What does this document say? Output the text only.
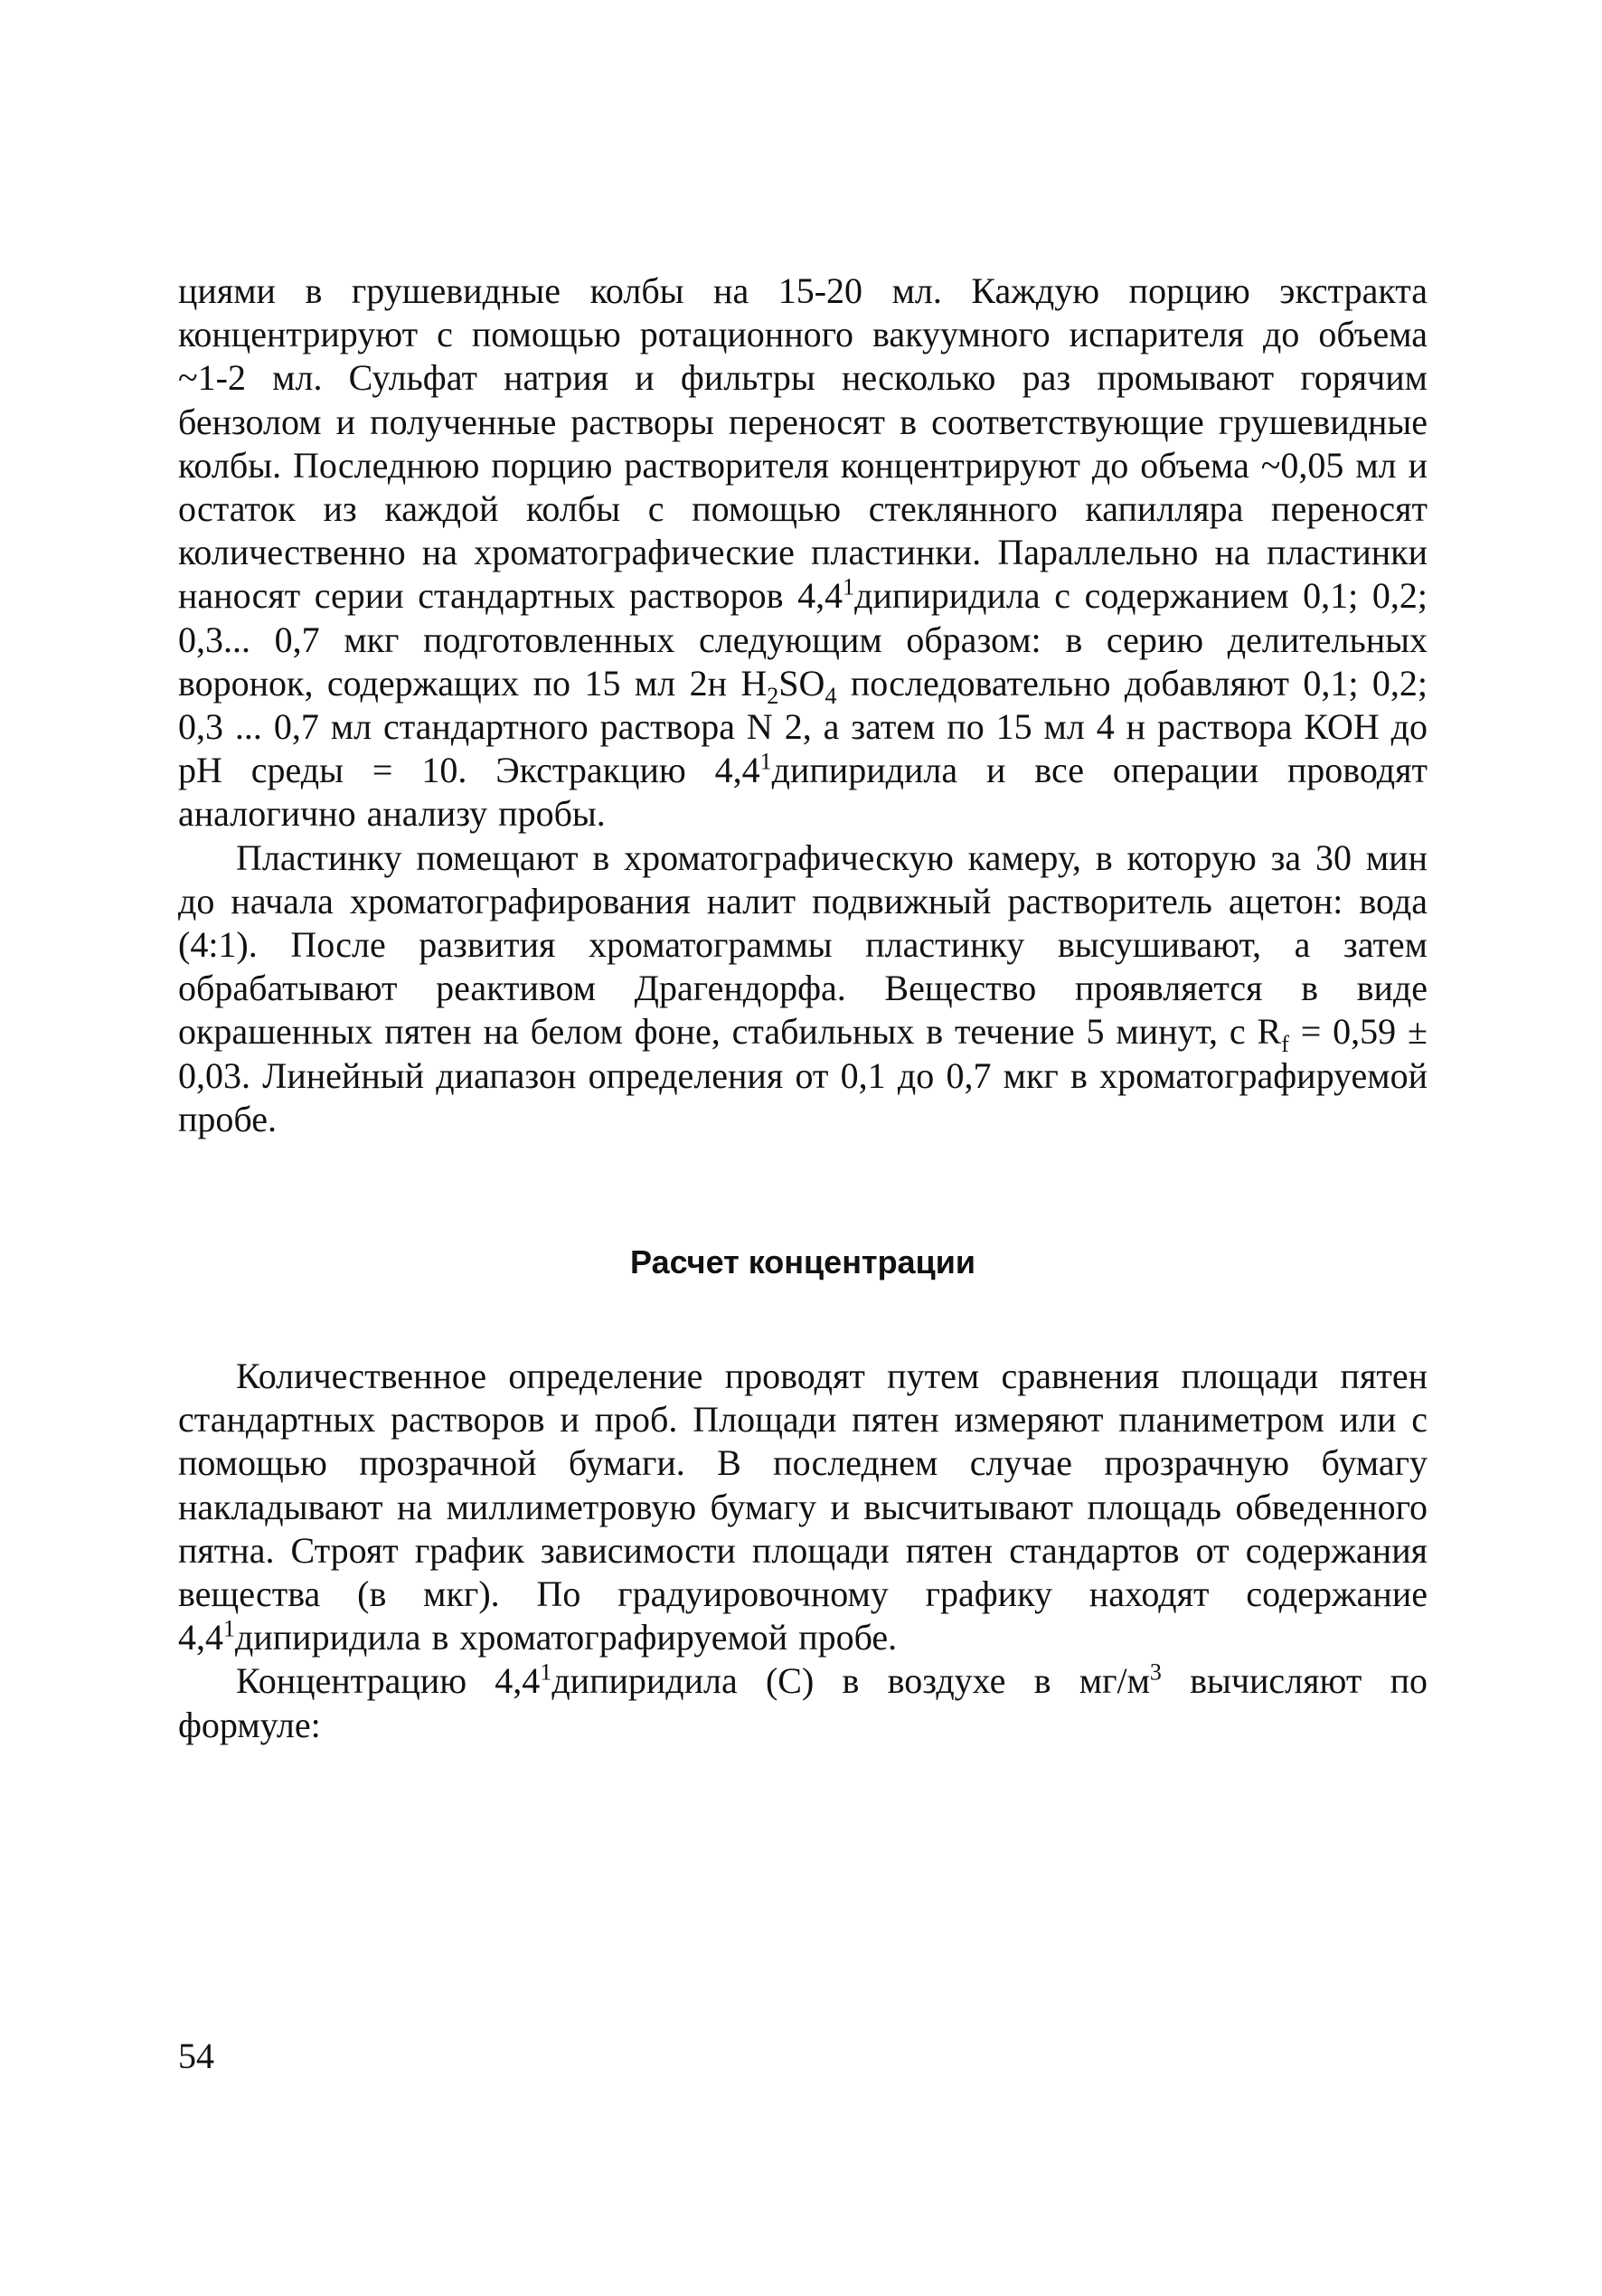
циями в грушевидные колбы на 15-20 мл. Каждую порцию экстракта концентрируют с помощью ротационного вакуумного испарителя до объема ~1-2 мл. Сульфат натрия и фильтры несколько раз промывают горячим бензолом и полученные растворы переносят в соответствующие грушевидные колбы. Последнюю порцию растворителя концентрируют до объема ~0,05 мл и остаток из каждой колбы с помощью стеклянного капилляра переносят количественно на хроматографические пластинки. Параллельно на пластинки наносят серии стандартных растворов $4,4^1дипиридила$ с содержанием 0,1; 0,2; 0,3... 0,7 мкг подготовленных следующим образом: в серию делительных воронок, содержащих по 15 мл 2н $H_2SO_4$ последовательно добавляют 0,1; 0,2; 0,3 ... 0,7 мл стандартного раствора N 2, а затем по 15 мл 4 н раствора КОН до pH среды = 10. Экстракцию $4,4^1дипиридила$ и все операции проводят аналогично анализу пробы.

Пластинку помещают в хроматографическую камеру, в которую за 30 мин до начала хроматографирования налит подвижный растворитель ацетон: вода (4:1). После развития хроматограммы пластинку высушивают, а затем обрабатывают реактивом Драгендорфа. Вещество проявляется в виде окрашенных пятен на белом фоне, стабильных в течение 5 минут, с $R_f = 0,59 \pm 0,03$. Линейный диапазон определения от 0,1 до 0,7 мкг в хроматографируемой пробе.

Расчет концентрации

Количественное определение проводят путем сравнения площади пятен стандартных растворов и проб. Площади пятен измеряют планиметром или с помощью прозрачной бумаги. В последнем случае прозрачную бумагу накладывают на миллиметровую бумагу и высчитывают площадь обведенного пятна. Строят график зависимости площади пятен стандартов от содержания вещества (в мкг). По градуировочному графику находят содержание $4,4^1дипиридила$ в хроматографируемой пробе.

Концентрацию $4,4^1дипиридила$ (С) в воздухе в $мг/м^3$ вычисляют по формуле:

54
